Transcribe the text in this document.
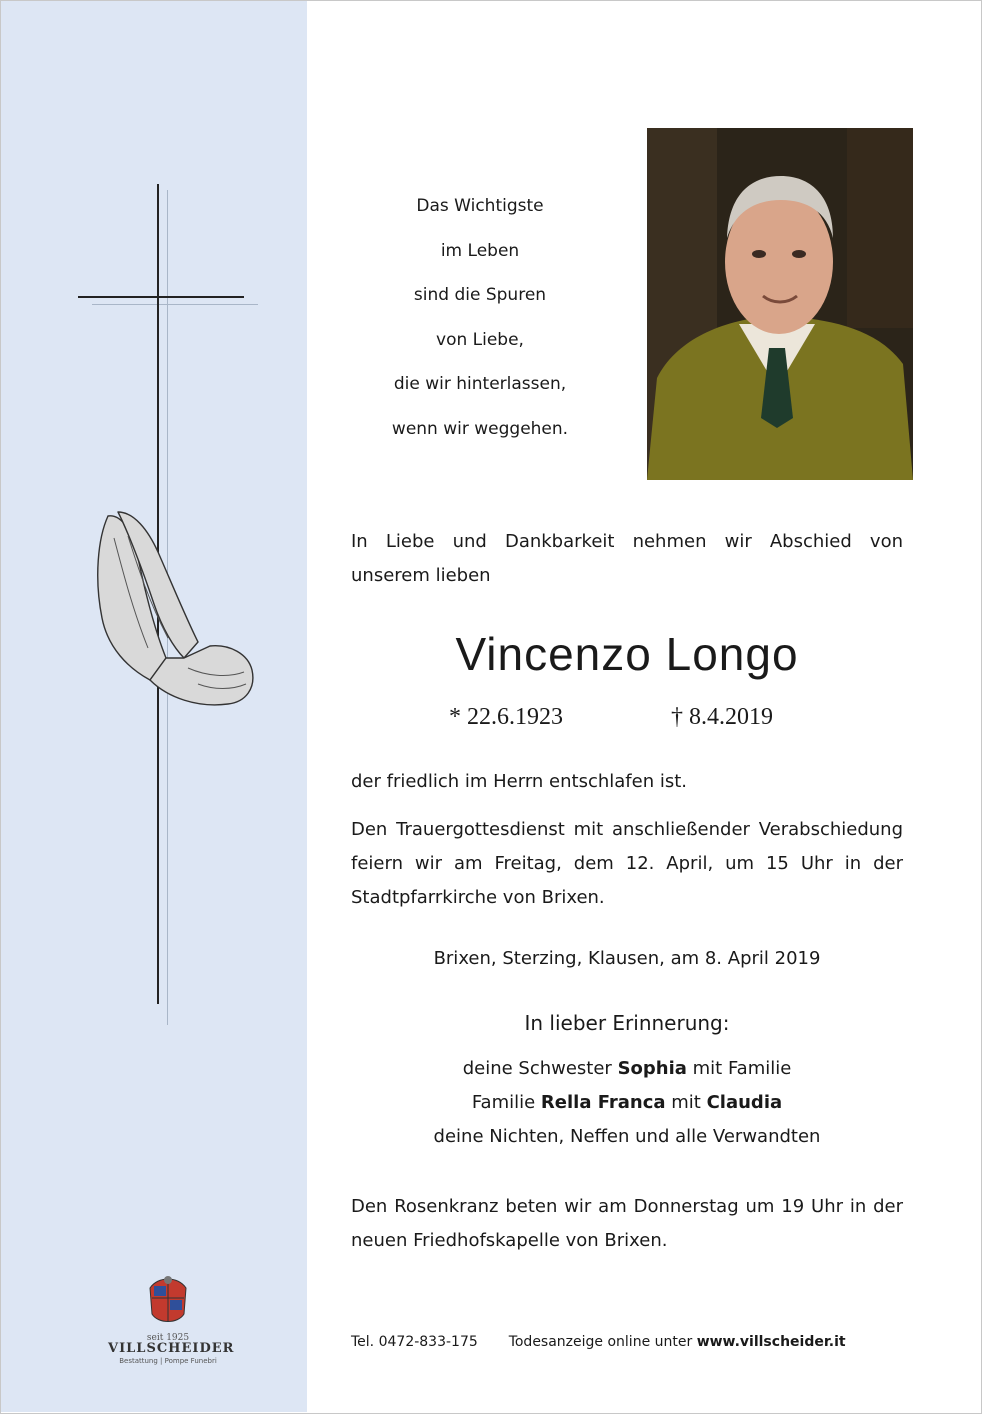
seit 1925
VILLSCHEIDER
Bestattung | Pompe Funebri
Das Wichtigste
im Leben
sind die Spuren
von Liebe,
die wir hinterlassen,
wenn wir weggehen.
In Liebe und Dankbarkeit nehmen wir Abschied von
unserem lieben
Vincenzo Longo
* 22.6.1923	† 8.4.2019
der friedlich im Herrn entschlafen ist.
Den Trauergottesdienst mit anschließender Verabschiedung
feiern wir am Freitag, dem 12. April, um 15 Uhr in der
Stadtpfarrkirche von Brixen.
Brixen, Sterzing, Klausen, am 8. April 2019
In lieber Erinnerung:
deine Schwester Sophia mit Familie
Familie Rella Franca mit Claudia
deine Nichten, Neffen und alle Verwandten
Den Rosenkranz beten wir am Donnerstag um 19 Uhr in der
neuen Friedhofskapelle von Brixen.
Tel. 0472-833-175 Todesanzeige online unter www.villscheider.it
